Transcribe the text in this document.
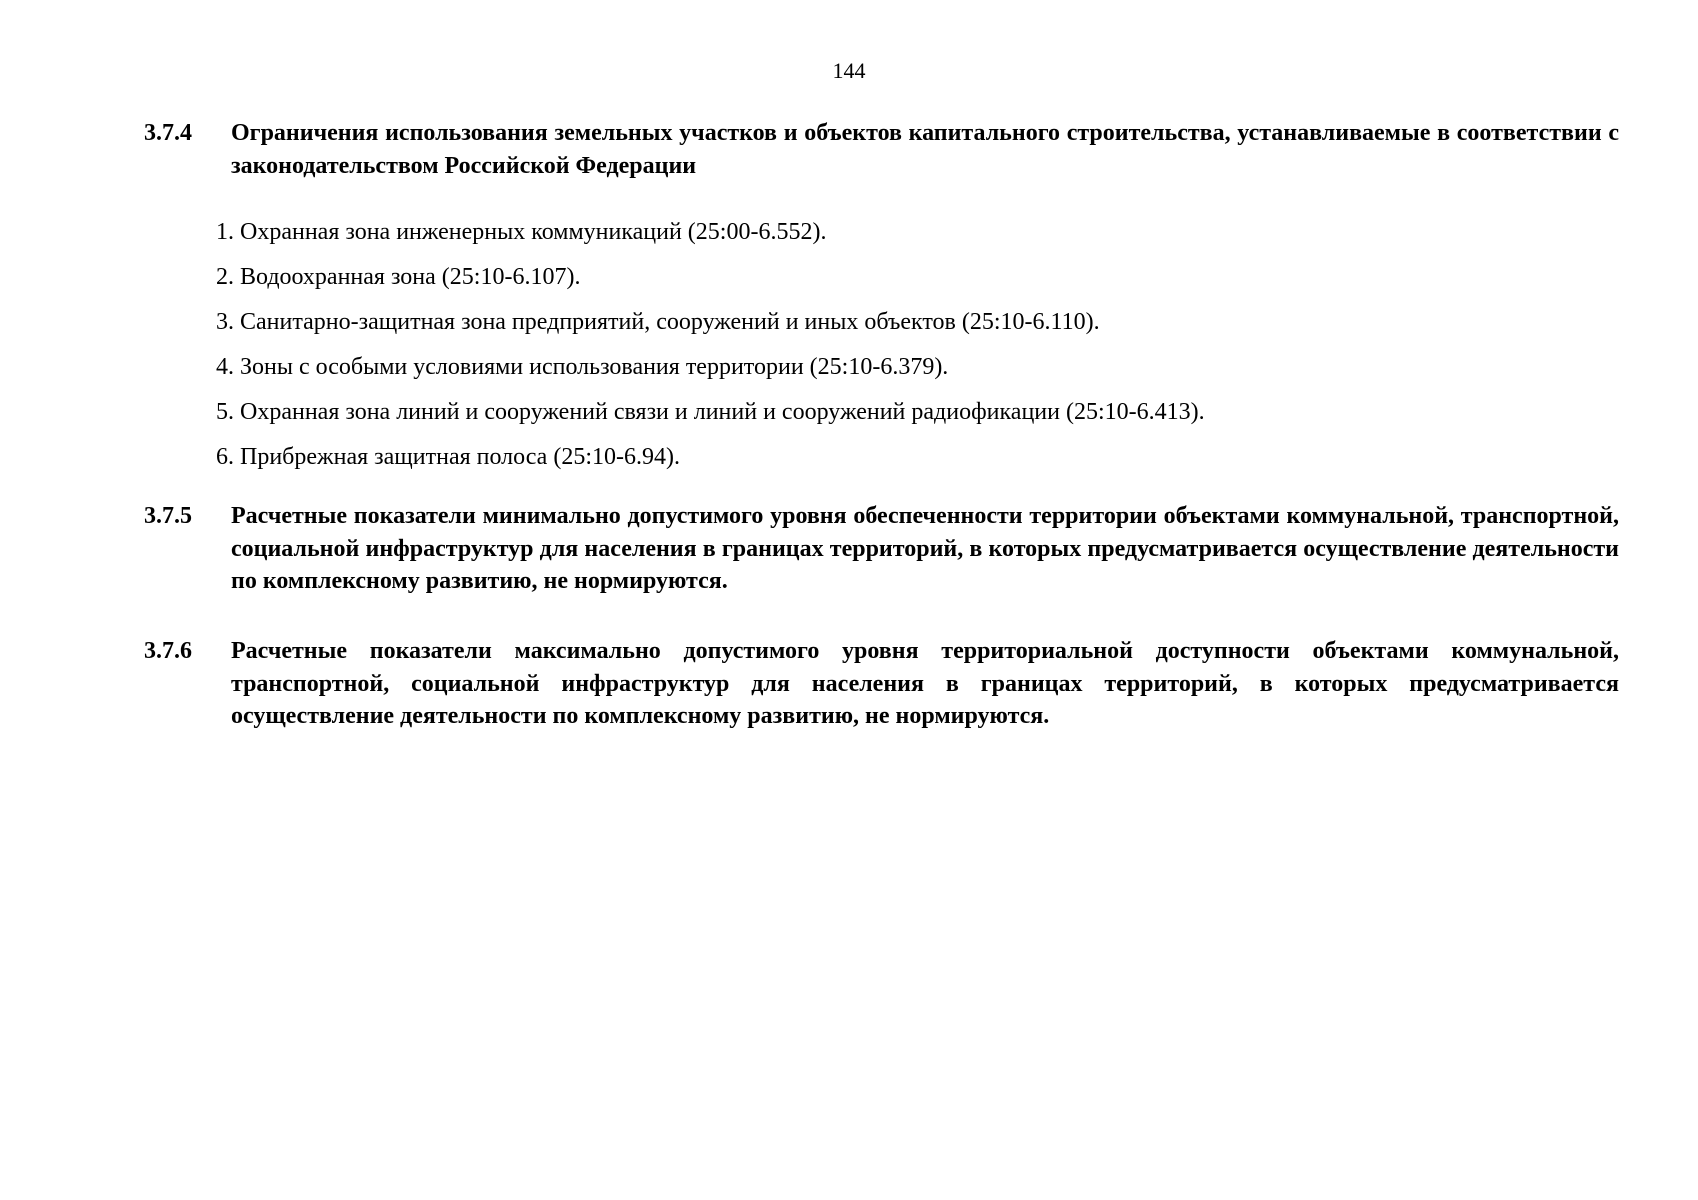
144
3.7.4	Ограничения использования земельных участков и объектов капитального строительства, устанавливаемые в соответствии с законодательством Российской Федерации
1. Охранная зона инженерных коммуникаций (25:00-6.552).
2. Водоохранная зона (25:10-6.107).
3. Санитарно-защитная зона предприятий, сооружений и иных объектов (25:10-6.110).
4. Зоны с особыми условиями использования территории (25:10-6.379).
5. Охранная зона линий и сооружений связи и линий и сооружений радиофикации (25:10-6.413).
6. Прибрежная защитная полоса (25:10-6.94).
3.7.5	Расчетные показатели минимально допустимого уровня обеспеченности территории объектами коммунальной, транспортной, социальной инфраструктур для населения в границах территорий, в которых предусматривается осуществление деятельности по комплексному развитию, не нормируются.
3.7.6	Расчетные показатели максимально допустимого уровня территориальной доступности объектами коммунальной, транспортной, социальной инфраструктур для населения в границах территорий, в которых предусматривается осуществление деятельности по комплексному развитию, не нормируются.
